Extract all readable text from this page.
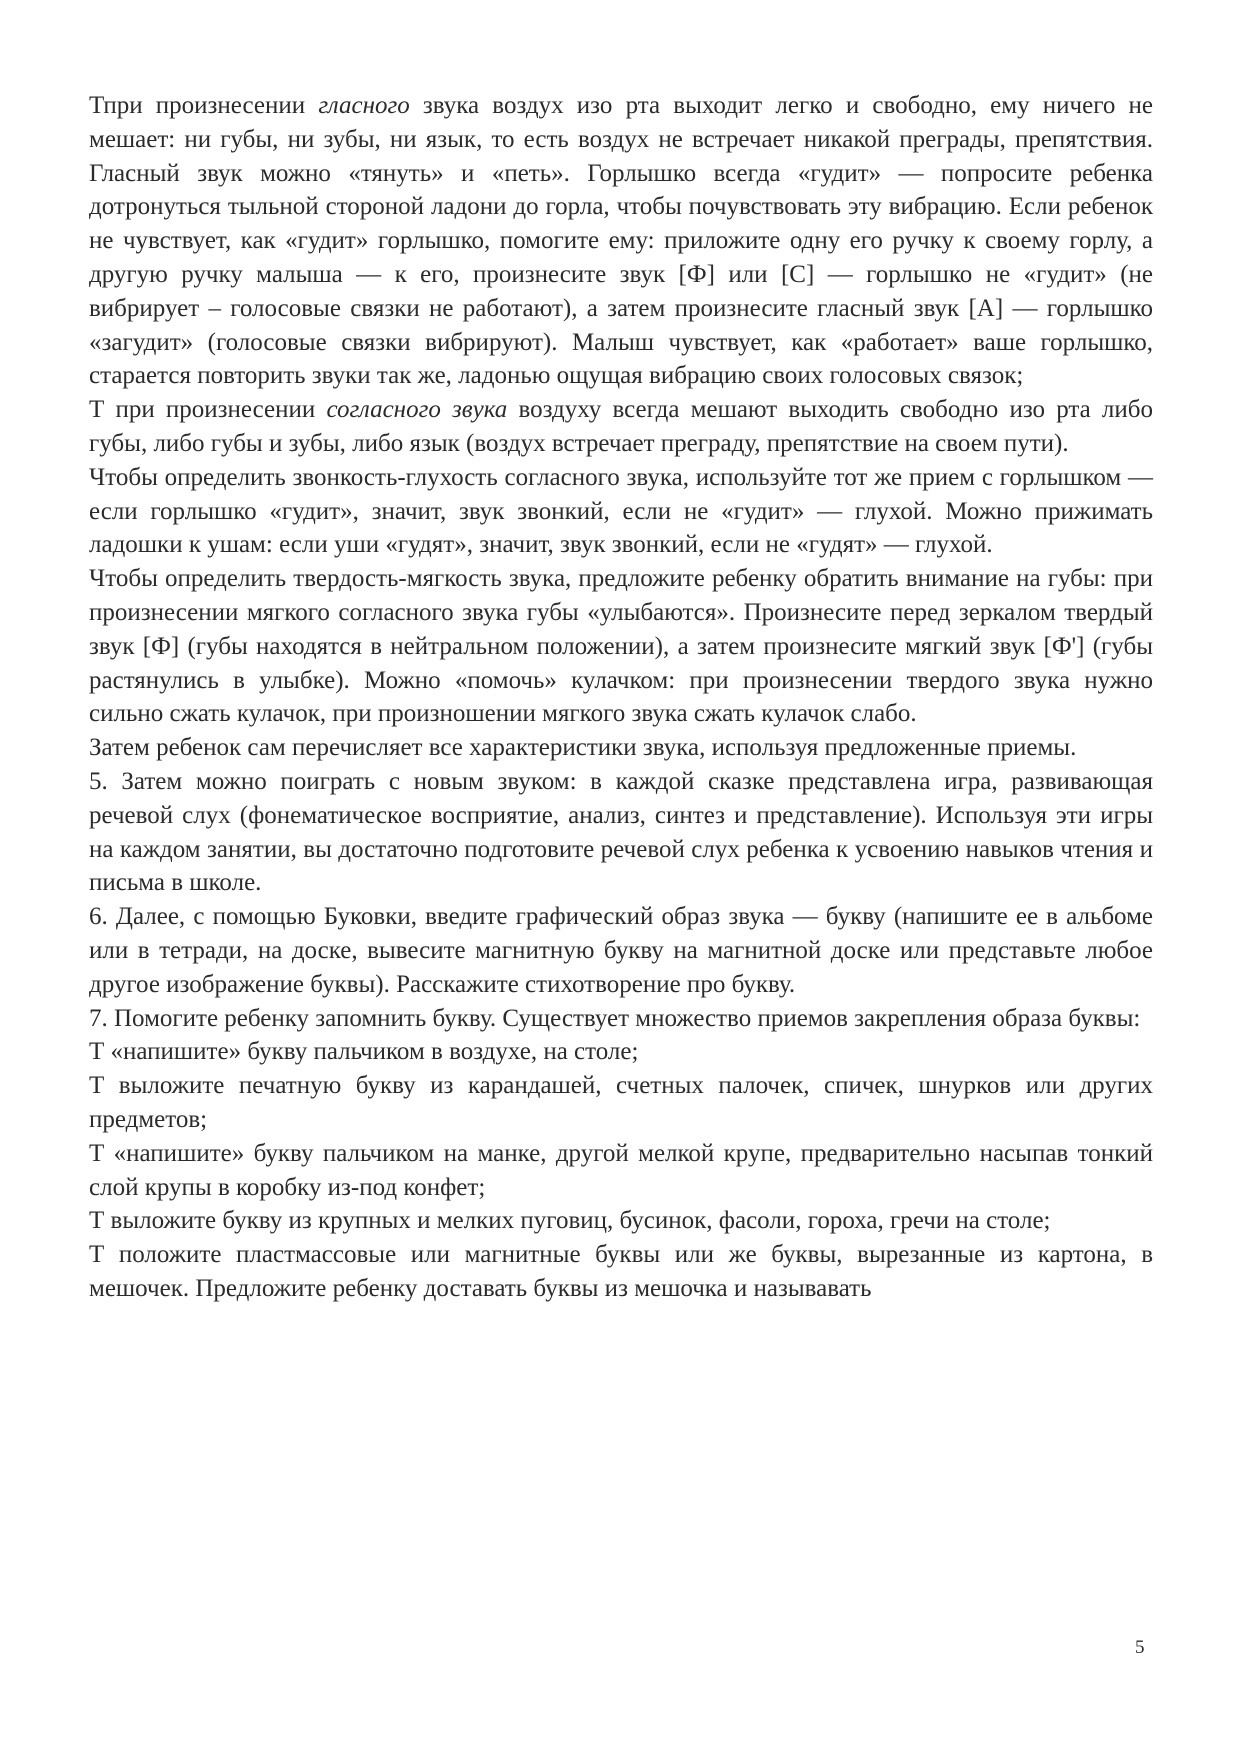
Тпри произнесении гласного звука воздух изо рта выходит легко и свободно, ему ничего не мешает: ни губы, ни зубы, ни язык, то есть воздух не встречает никакой преграды, препятствия. Гласный звук можно «тянуть» и «петь». Горлышко всегда «гудит» — попросите ребенка дотронуться тыльной стороной ладони до горла, чтобы почувствовать эту вибрацию. Если ребенок не чувствует, как «гудит» горлышко, помогите ему: приложите одну его ручку к своему горлу, а другую ручку малыша — к его, произнесите звук [Ф] или [С] — горлышко не «гудит» (не вибрирует – голосовые связки не работают), а затем произнесите гласный звук [А] — горлышко «загудит» (голосовые связки вибрируют). Малыш чувствует, как «работает» ваше горлышко, старается повторить звуки так же, ладонью ощущая вибрацию своих голосовых связок;

Т при произнесении согласного звука воздуху всегда мешают выходить свободно изо рта либо губы, либо губы и зубы, либо язык (воздух встречает преграду, препятствие на своем пути).

Чтобы определить звонкость-глухость согласного звука, используйте тот же прием с горлышком — если горлышко «гудит», значит, звук звонкий, если не «гудит» — глухой. Можно прижимать ладошки к ушам: если уши «гудят», значит, звук звонкий, если не «гудят» — глухой.

Чтобы определить твердость-мягкость звука, предложите ребенку обратить внимание на губы: при произнесении мягкого согласного звука губы «улыбаются». Произнесите перед зеркалом твердый звук [Ф] (губы находятся в нейтральном положении), а затем произнесите мягкий звук [Ф'] (губы растянулись в улыбке). Можно «помочь» кулачком: при произнесении твердого звука нужно сильно сжать кулачок, при произношении мягкого звука сжать кулачок слабо.

Затем ребенок сам перечисляет все характеристики звука, используя предложенные приемы.

5. Затем можно поиграть с новым звуком: в каждой сказке представлена игра, развивающая речевой слух (фонематическое восприятие, анализ, синтез и представление). Используя эти игры на каждом занятии, вы достаточно подготовите речевой слух ребенка к усвоению навыков чтения и письма в школе.

6. Далее, с помощью Буковки, введите графический образ звука — букву (напишите ее в альбоме или в тетради, на доске, вывесите магнитную букву на магнитной доске или представьте любое другое изображение буквы). Расскажите стихотворение про букву.

7. Помогите ребенку запомнить букву. Существует множество приемов закрепления образа буквы:

Т «напишите» букву пальчиком в воздухе, на столе;

Т выложите печатную букву из карандашей, счетных палочек, спичек, шнурков или других предметов;

Т «напишите» букву пальчиком на манке, другой мелкой крупе, предварительно насыпав тонкий слой крупы в коробку из-под конфет;

Т выложите букву из крупных и мелких пуговиц, бусинок, фасоли, гороха, гречи на столе;

Т положите пластмассовые или магнитные буквы или же буквы, вырезанные из картона, в мешочек. Предложите ребенку доставать буквы из мешочка и называвать

5
